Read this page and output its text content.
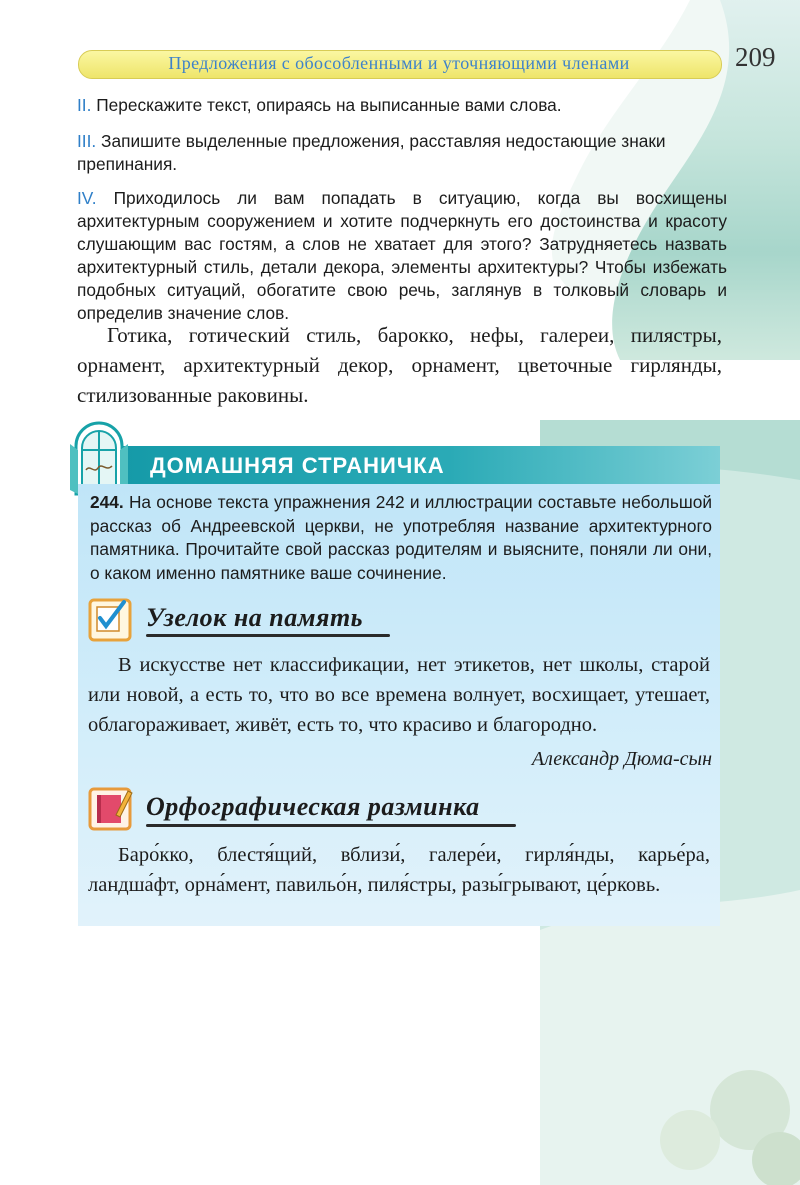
Предложения с обособленными и уточняющими членами	209
II. Перескажите текст, опираясь на выписанные вами слова.
III. Запишите выделенные предложения, расставляя недостающие знаки препинания.
IV. Приходилось ли вам попадать в ситуацию, когда вы восхищены архитектурным сооружением и хотите подчеркнуть его достоинства и красоту слушающим вас гостям, а слов не хватает для этого? Затрудняетесь назвать архитектурный стиль, детали декора, элементы архитектуры? Чтобы избежать подобных ситуаций, обогатите свою речь, заглянув в толковый словарь и определив значение слов.

Готика, готический стиль, барокко, нефы, галереи, пилястры, орнамент, архитектурный декор, орнамент, цветочные гирлянды, стилизованные раковины.

ДОМАШНЯЯ СТРАНИЧКА

244. На основе текста упражнения 242 и иллюстрации составьте небольшой рассказ об Андреевской церкви, не употребляя название архитектурного памятника. Прочитайте свой рассказ родителям и выясните, поняли ли они, о каком именно памятнике ваше сочинение.

Узелок на память

В искусстве нет классификации, нет этикетов, нет школы, старой или новой, а есть то, что во все времена волнует, восхищает, утешает, облагораживает, живёт, есть то, что красиво и благородно.

Александр Дюма-сын
Орфографическая разминка

Баро́кко, блестя́щий, вблизи́, галере́и, гирля́нды, карье́ра, ландша́фт, орна́мент, павильо́н, пиля́стры, разы́грывают, це́рковь.
